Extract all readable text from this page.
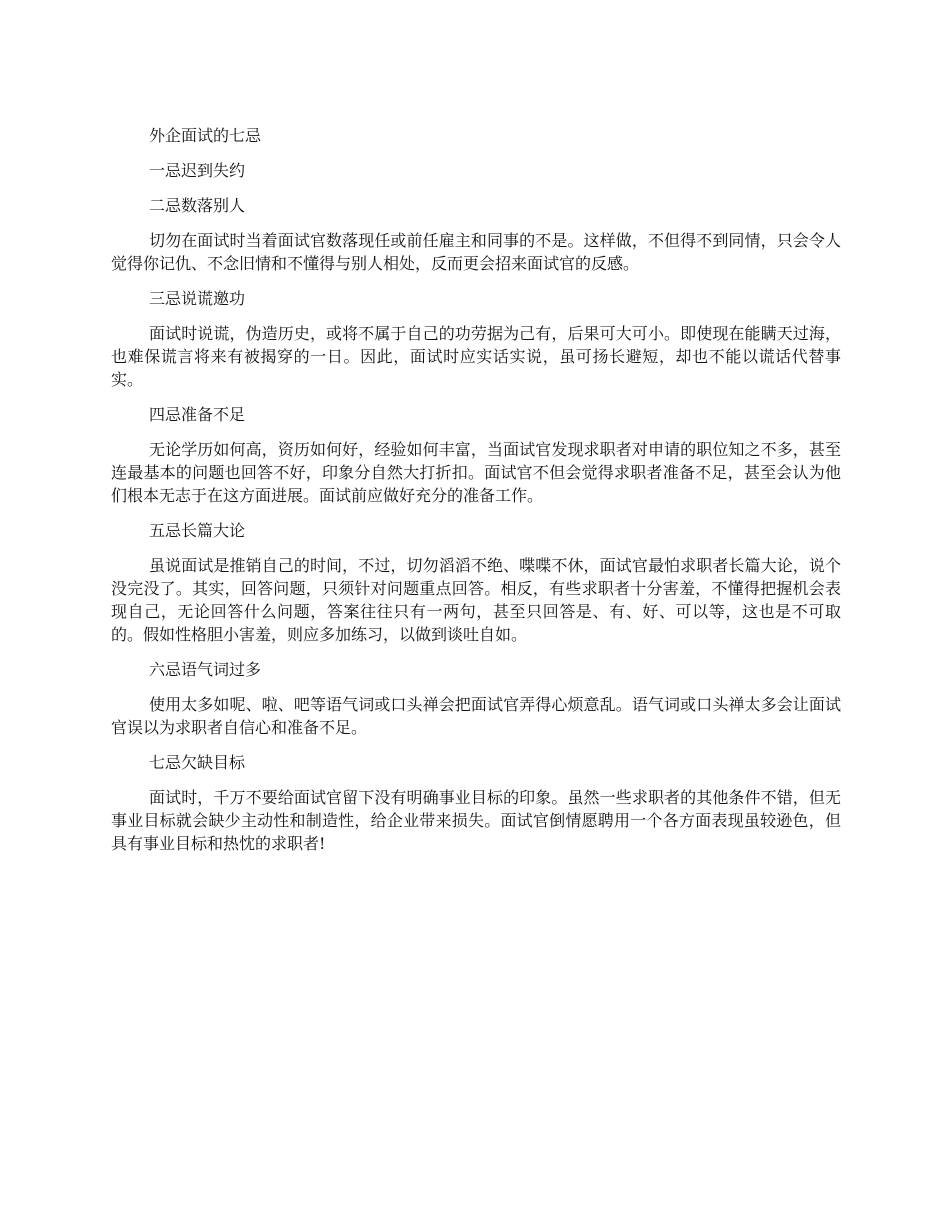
外企面试的七忌

一忌迟到失约

二忌数落别人

切勿在面试时当着面试官数落现任或前任雇主和同事的不是。这样做，不但得不到同情，只会令人觉得你记仇、不念旧情和不懂得与别人相处，反而更会招来面试官的反感。

三忌说谎邀功

面试时说谎，伪造历史，或将不属于自己的功劳据为己有，后果可大可小。即使现在能瞒天过海，也难保谎言将来有被揭穿的一日。因此，面试时应实话实说，虽可扬长避短，却也不能以谎话代替事实。

四忌准备不足

无论学历如何高，资历如何好，经验如何丰富，当面试官发现求职者对申请的职位知之不多，甚至连最基本的问题也回答不好，印象分自然大打折扣。面试官不但会觉得求职者准备不足，甚至会认为他们根本无志于在这方面进展。面试前应做好充分的准备工作。

五忌长篇大论

虽说面试是推销自己的时间，不过，切勿滔滔不绝、喋喋不休，面试官最怕求职者长篇大论，说个没完没了。其实，回答问题，只须针对问题重点回答。相反，有些求职者十分害羞，不懂得把握机会表现自己，无论回答什么问题，答案往往只有一两句，甚至只回答是、有、好、可以等，这也是不可取的。假如性格胆小害羞，则应多加练习，以做到谈吐自如。

六忌语气词过多

使用太多如呢、啦、吧等语气词或口头禅会把面试官弄得心烦意乱。语气词或口头禅太多会让面试官误以为求职者自信心和准备不足。

七忌欠缺目标

面试时，千万不要给面试官留下没有明确事业目标的印象。虽然一些求职者的其他条件不错，但无事业目标就会缺少主动性和制造性，给企业带来损失。面试官倒情愿聘用一个各方面表现虽较逊色，但具有事业目标和热忱的求职者!
